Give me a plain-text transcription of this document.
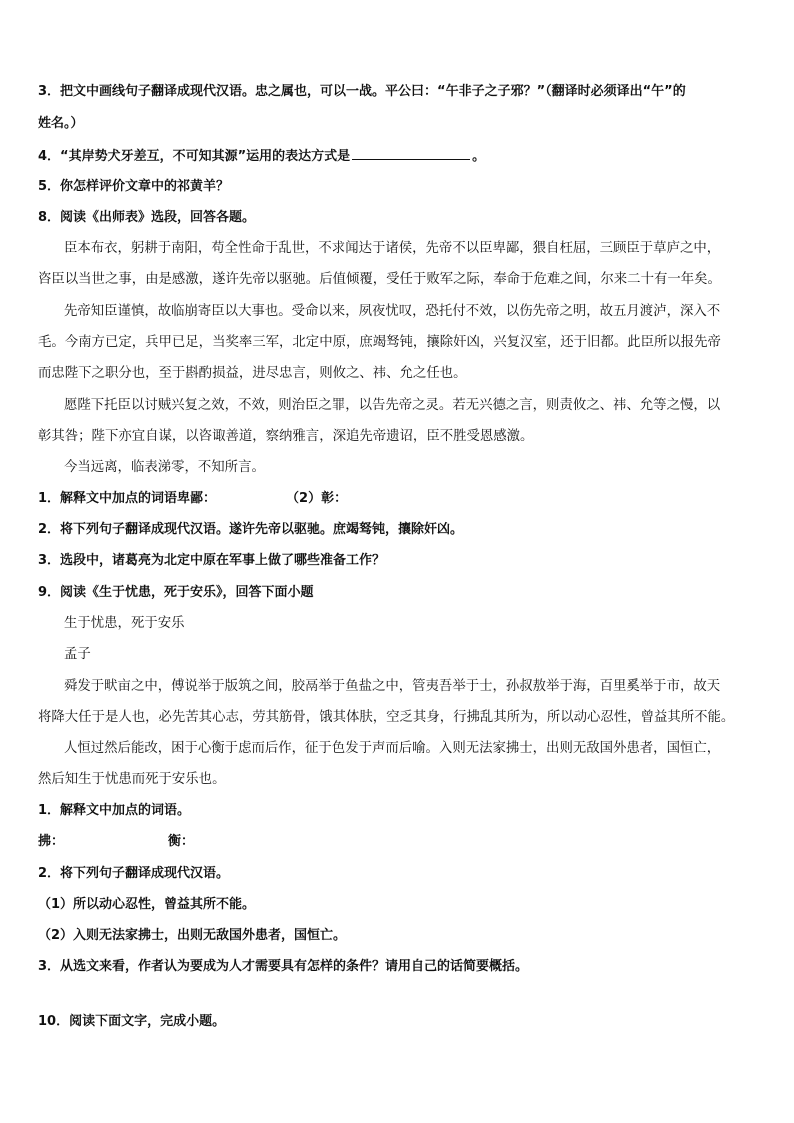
3．把文中画线句子翻译成现代汉语。忠之属也，可以一战。平公曰：“午非子之子邪？”（翻译时必须译出“午”的
姓名。）
4．“其岸势犬牙差互，不可知其源”运用的表达方式是	。
5．你怎样评价文章中的祁黄羊？
8．阅读《出师表》选段，回答各题。
臣本布衣，躬耕于南阳，苟全性命于乱世，不求闻达于诸侯，先帝不以臣卑鄙，猥自枉屈，三顾臣于草庐之中，
咨臣以当世之事，由是感激，遂许先帝以驱驰。后值倾覆，受任于败军之际，奉命于危难之间，尔来二十有一年矣。
先帝知臣谨慎，故临崩寄臣以大事也。受命以来，夙夜忧叹，恐托付不效，以伤先帝之明，故五月渡泸，深入不
毛。今南方已定，兵甲已足，当奖率三军，北定中原，庶竭驽钝，攘除奸凶，兴复汉室，还于旧都。此臣所以报先帝
而忠陛下之职分也，至于斟酌损益，进尽忠言，则攸之、祎、允之任也。
愿陛下托臣以讨贼兴复之效，不效，则治臣之罪，以告先帝之灵。若无兴德之言，则责攸之、祎、允等之慢，以
彰其咎；陛下亦宜自谋，以咨诹善道，察纳雅言，深追先帝遗诏，臣不胜受恩感激。
今当远离，临表涕零，不知所言。
1．解释文中加点的词语卑鄙：	（2）彰：
2．将下列句子翻译成现代汉语。遂许先帝以驱驰。庶竭驽钝，攘除奸凶。
3．选段中，诸葛亮为北定中原在军事上做了哪些准备工作？
9．阅读《生于忧患，死于安乐》，回答下面小题
生于忧患，死于安乐
孟子
舜发于畎亩之中，傅说举于版筑之间，胶鬲举于鱼盐之中，管夷吾举于士，孙叔敖举于海，百里奚举于市，故天
将降大任于是人也，必先苦其心志，劳其筋骨，饿其体肤，空乏其身，行拂乱其所为，所以动心忍性，曾益其所不能。
人恒过然后能改，困于心衡于虑而后作，征于色发于声而后喻。入则无法家拂士，出则无敌国外患者，国恒亡，
然后知生于忧患而死于安乐也。
1．解释文中加点的词语。
拂：	衡：
2．将下列句子翻译成现代汉语。
（1）所以动心忍性，曾益其所不能。
（2）入则无法家拂士，出则无敌国外患者，国恒亡。
3．从选文来看，作者认为要成为人才需要具有怎样的条件？请用自己的话简要概括。
10．阅读下面文字，完成小题。
